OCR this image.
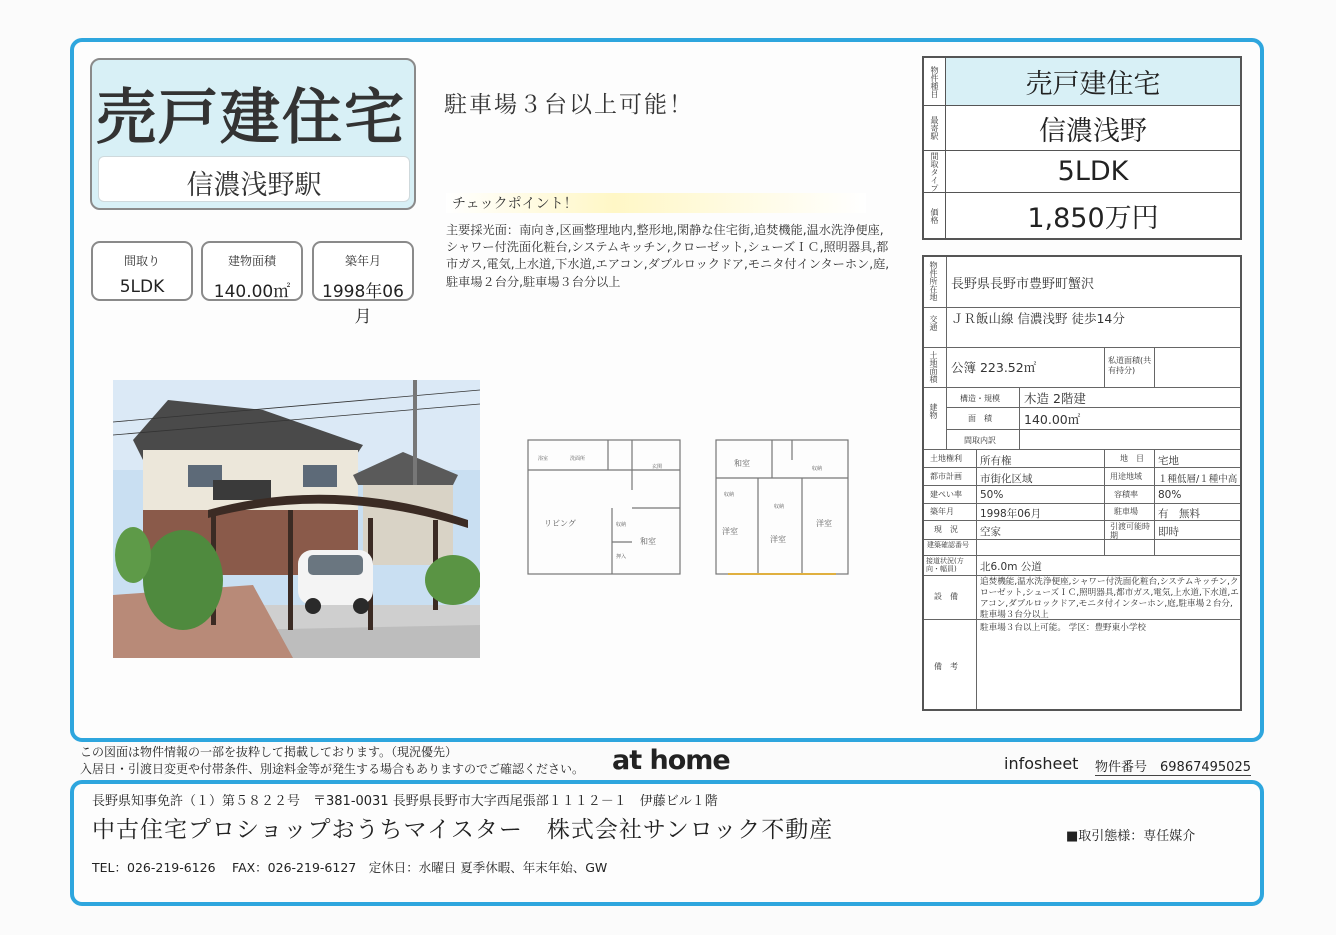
売戸建住宅
信濃浅野駅
間取り
5LDK
建物面積
140.00㎡
築年月
1998年06月
駐車場３台以上可能！
チェックポイント！
主要採光面：南向き,区画整理地内,整形地,閑静な住宅街,追焚機能,温水洗浄便座,シャワー付洗面化粧台,システムキッチン,クローゼット,シューズＩＣ,照明器具,都市ガス,電気,上水道,下水道,エアコン,ダブルロックドア,モニタ付インターホン,庭,駐車場２台分,駐車場３台分以上
リビング
和室
浴室	洗面所
玄関
収納
押入
和室
洋室
洋室
洋室
収納
収納
収納
物件種目	売戸建住宅
最寄駅	信濃浅野
間取タイプ	5LDK
価格	1,850万円
物件所在地 長野県長野市豊野町蟹沢
交通 ＪＲ飯山線 信濃浅野 徒歩14分
土地面積 公簿 223.52㎡	私道面積(共有持分)
建物
構造・規模 木造 2階建
面　積	140.00㎡
間取内訳
土地権利 所有権	地　目 宅地
都市計画 市街化区域	用途地域 １種低層/１種中高
建ぺい率 50%	容積率 80%
築年月 1998年06月	駐車場 有　無料
現　況 空家	引渡可能時期	即時
建築確認番号
接道状況(方向・幅員)	北6.0m 公道
設　備
追焚機能,温水洗浄便座,シャワー付洗面化粧台,システムキッチン,クローゼット,シューズＩＣ,照明器具,都市ガス,電気,上水道,下水道,エアコン,ダブルロックドア,モニタ付インターホン,庭,駐車場２台分,駐車場３台分以上
備　考
駐車場３台以上可能。 学区：豊野東小学校
この図面は物件情報の一部を抜粋して掲載しております。（現況優先）
入居日・引渡日変更や付帯条件、別途料金等が発生する場合もありますのでご確認ください。 at home	infosheet 物件番号　69867495025
長野県知事免許（１）第５８２２号　〒381-0031 長野県長野市大字西尾張部１１１２－１　伊藤ビル１階
中古住宅プロショップおうちマイスター　株式会社サンロック不動産
TEL：026-219-6126　 FAX：026-219-6127　定休日：水曜日 夏季休暇、年末年始、GW
■取引態様：専任媒介
